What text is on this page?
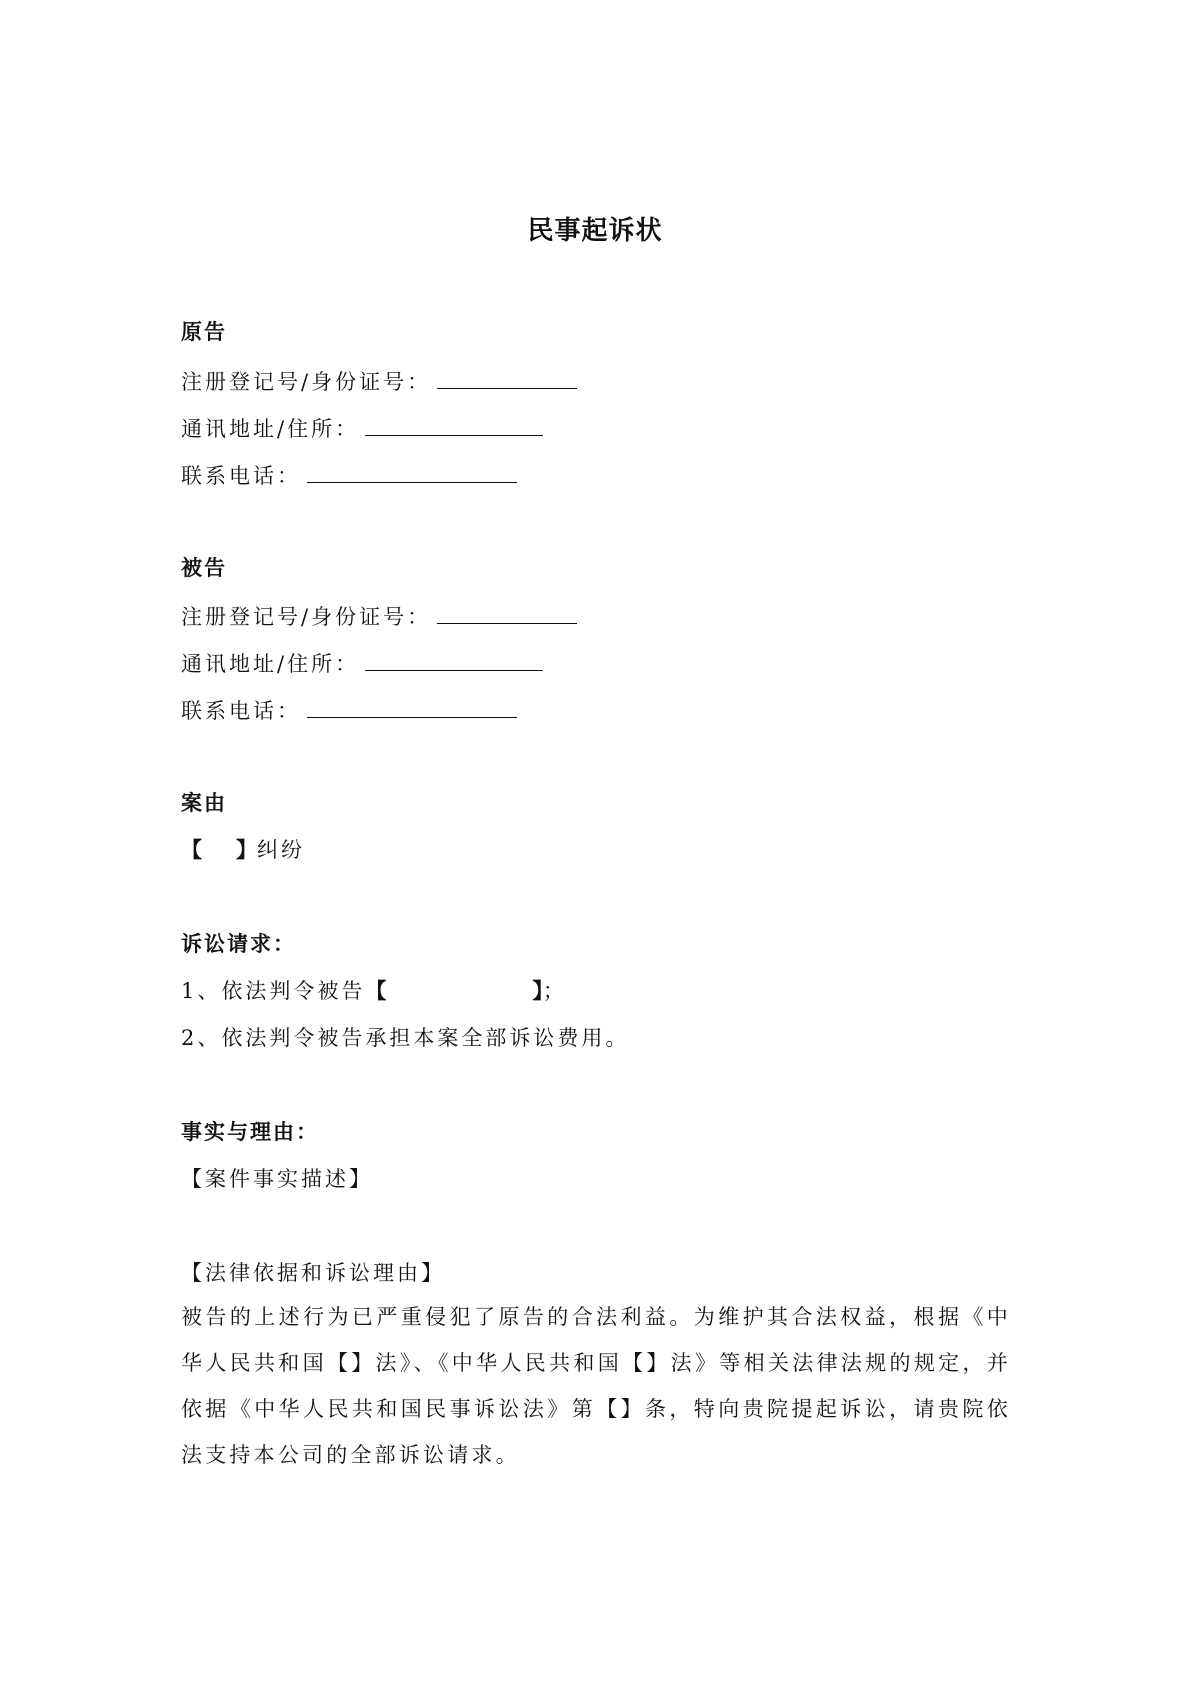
民事起诉状
原告
注册登记号/身份证号：
通讯地址/住所：
联系电话：
被告
注册登记号/身份证号：
通讯地址/住所：
联系电话：
案由
【 】纠纷
诉讼请求：
1、依法判令被告【	】；
2、依法判令被告承担本案全部诉讼费用。
事实与理由：
【案件事实描述】
【法律依据和诉讼理由】
被告的上述行为已严重侵犯了原告的合法利益。为维护其合法权益，根据《中华人民共和国【】法》、《中华人民共和国【】法》等相关法律法规的规定，并依据《中华人民共和国民事诉讼法》第【】条，特向贵院提起诉讼，请贵院依法支持本公司的全部诉讼请求。
